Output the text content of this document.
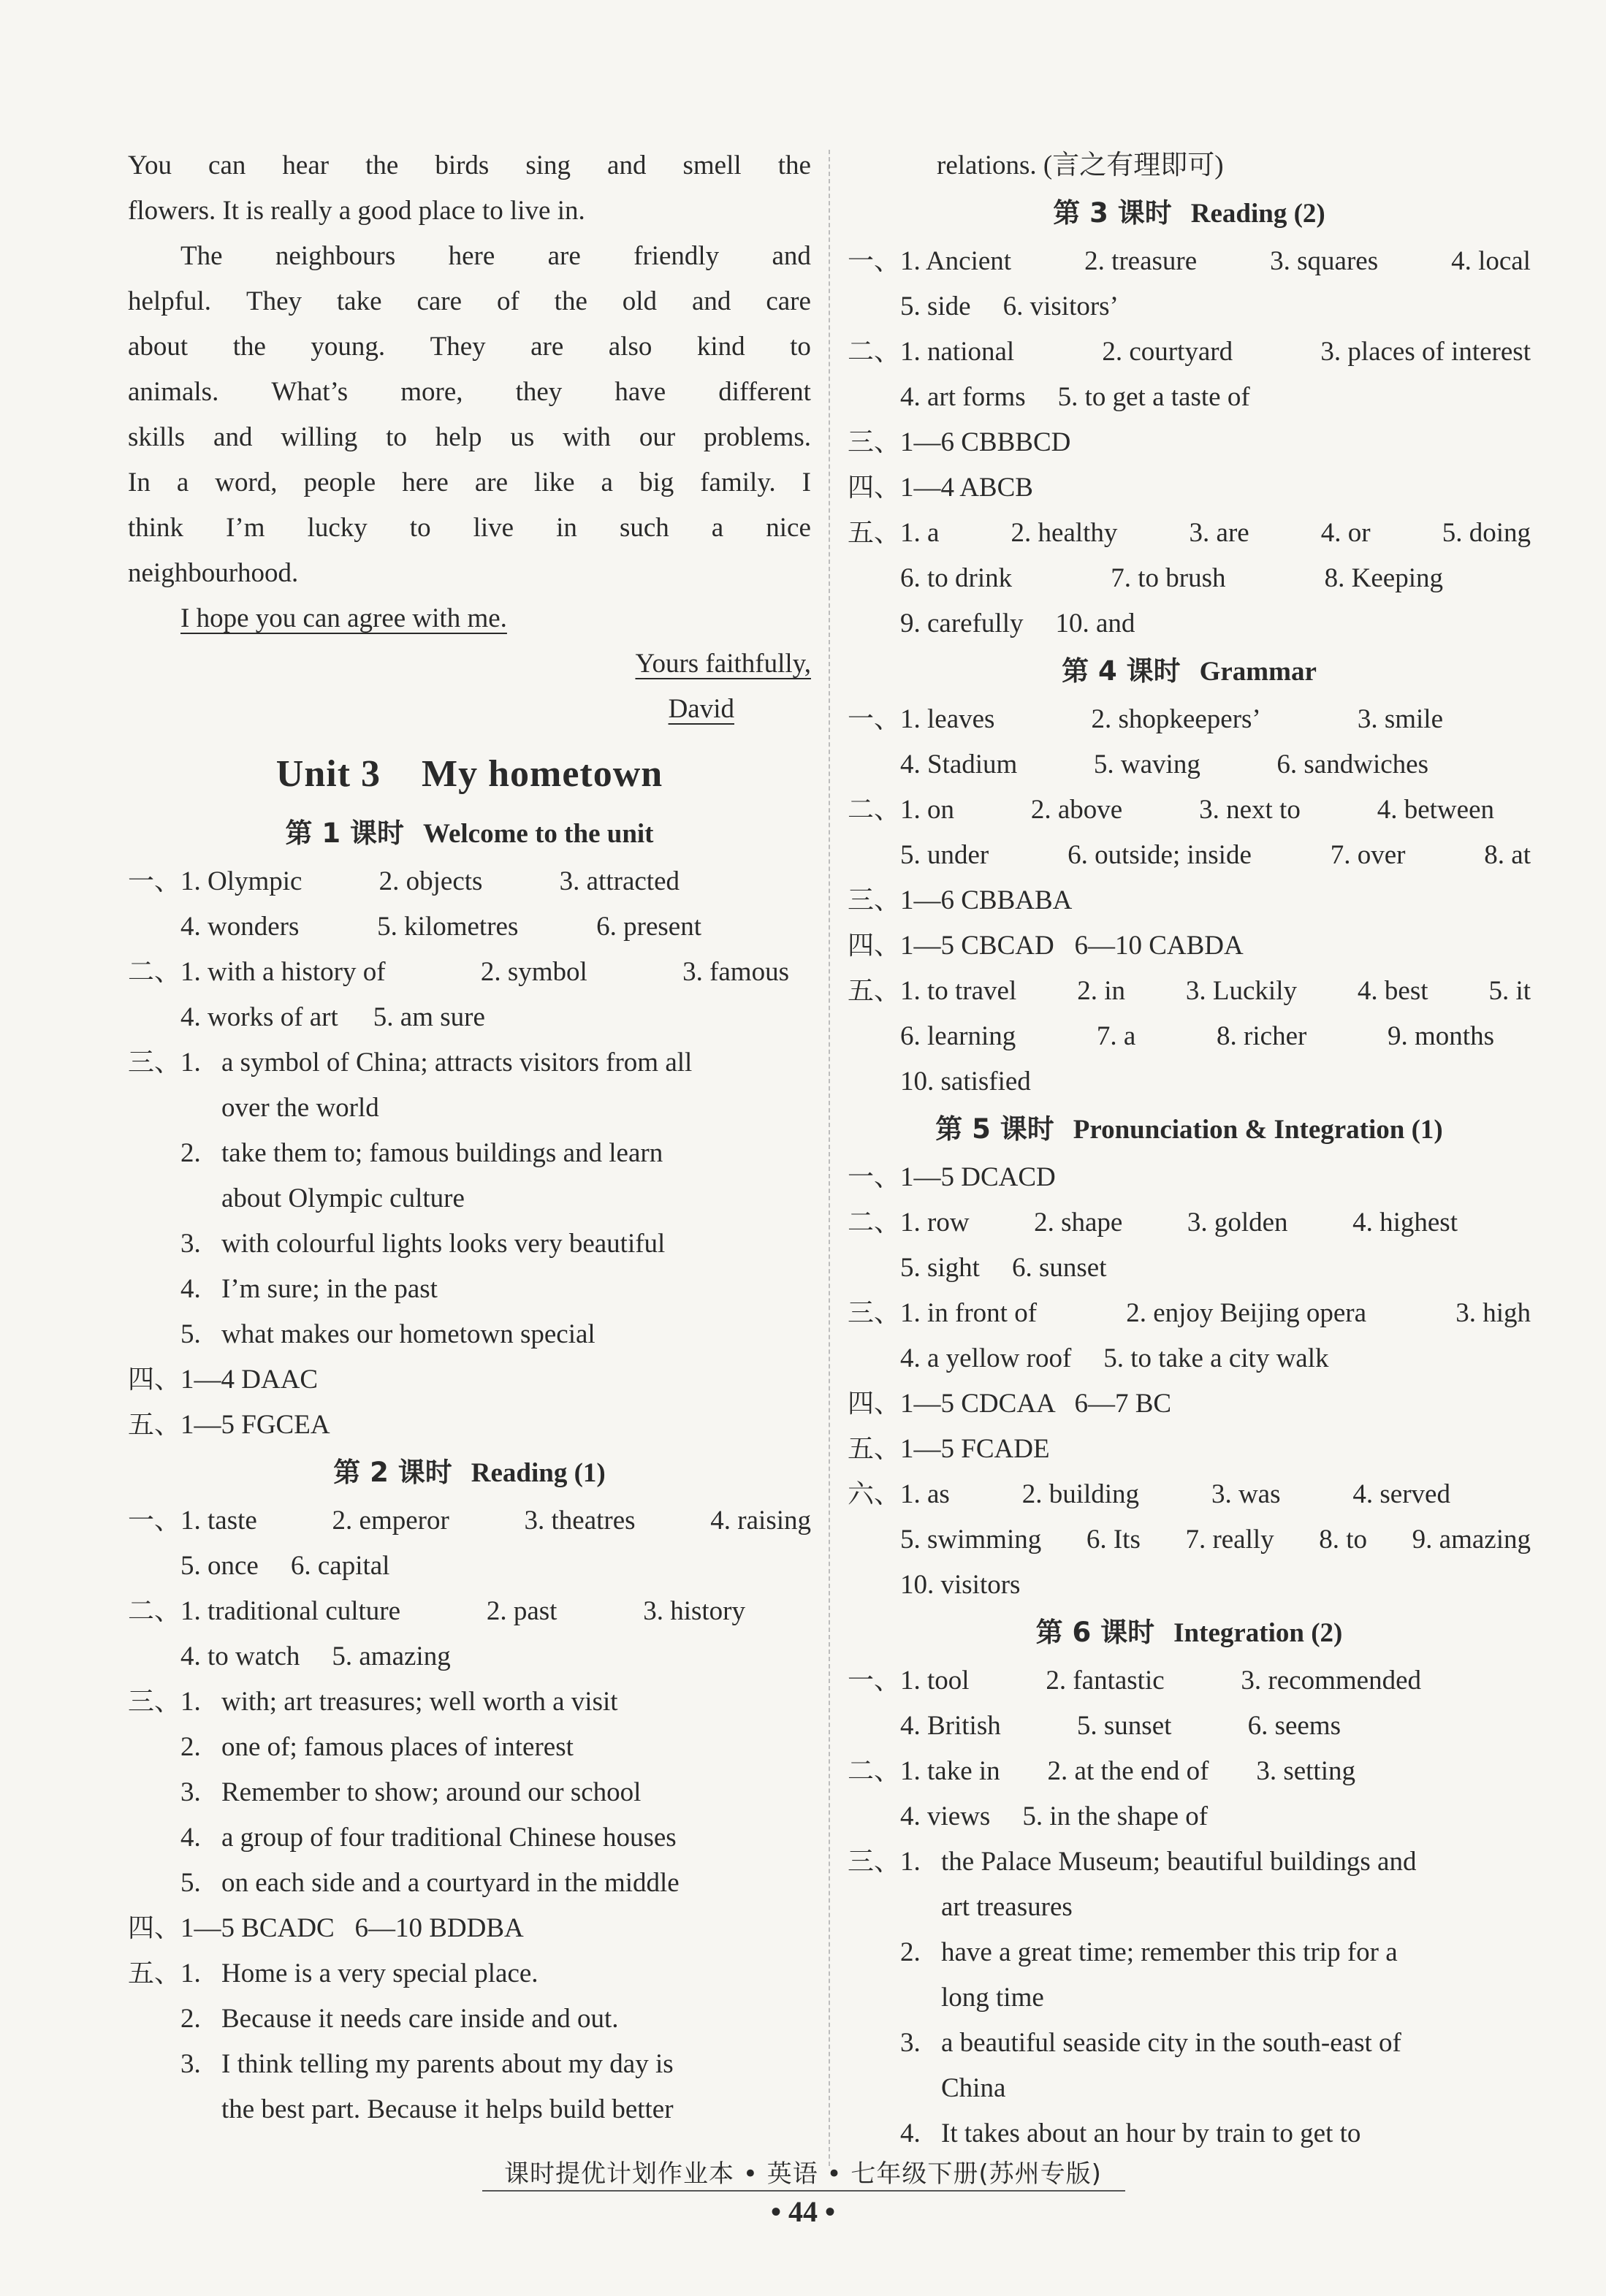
You can hear the birds sing and smell the
flowers. It is really a good place to live in.
The neighbours here are friendly and
helpful. They take care of the old and care
about the young. They are also kind to
animals. What’s more, they have different
skills and willing to help us with our problems.
In a word, people here are like a big family. I
think I’m lucky to live in such a nice
neighbourhood.
I hope you can agree with me.
Yours faithfully,
David
Unit 3 My hometown
第 1 课时 Welcome to the unit
一、 1. Olympic	2. objects	3. attracted
4. wonders	5. kilometres	6. present
二、 1. with a history of	2. symbol	3. famous
4. works of art 5. am sure
三、 1. a symbol of China; attracts visitors from all
over the world
2. take them to; famous buildings and learn
about Olympic culture
3. with colourful lights looks very beautiful
4. I’m sure; in the past
5. what makes our hometown special
四、 1—4 DAAC
五、 1—5 FGCEA
第 2 课时 Reading (1)
一、 1. taste	2. emperor	3. theatres	4. raising
5. once 6. capital
二、 1. traditional culture	2. past	3. history
4. to watch 5. amazing
三、 1. with; art treasures; well worth a visit
2. one of; famous places of interest
3. Remember to show; around our school
4. a group of four traditional Chinese houses
5. on each side and a courtyard in the middle
四、 1—5 BCADC   6—10 BDDBA
五、 1. Home is a very special place.
2. Because it needs care inside and out.
3. I think telling my parents about my day is
the best part. Because it helps build better
relations. (言之有理即可)
第 3 课时 Reading (2)
一、 1. Ancient	2. treasure	3. squares	4. local
5. side 6. visitors’
二、 1. national	2. courtyard	3. places of interest
4. art forms 5. to get a taste of
三、 1—6 CBBBCD
四、 1—4 ABCB
五、 1. a	2. healthy	3. are	4. or	5. doing
6. to drink	7. to brush	8. Keeping
9. carefully 10. and
第 4 课时 Grammar
一、 1. leaves	2. shopkeepers’	3. smile
4. Stadium	5. waving	6. sandwiches
二、 1. on	2. above	3. next to	4. between
5. under	6. outside; inside	7. over	8. at
三、 1—6 CBBABA
四、 1—5 CBCAD   6—10 CABDA
五、 1. to travel 2. in 3. Luckily 4. best 5. it
6. learning	7. a	8. richer	9. months
10. satisfied
第 5 课时 Pronunciation & Integration (1)
一、 1—5 DCACD
二、 1. row 2. shape 3. golden 4. highest
5. sight 6. sunset
三、 1. in front of	2. enjoy Beijing opera	3. high
4. a yellow roof 5. to take a city walk
四、 1—5 CDCAA   6—7 BC
五、 1—5 FCADE
六、 1. as	2. building	3. was	4. served
5. swimming 6. Its 7. really 8. to 9. amazing
10. visitors
第 6 课时 Integration (2)
一、 1. tool	2. fantastic	3. recommended
4. British	5. sunset	6. seems
二、 1. take in 2. at the end of 3. setting
4. views 5. in the shape of
三、 1. the Palace Museum; beautiful buildings and
art treasures
2. have a great time; remember this trip for a
long time
3. a beautiful seaside city in the south-east of
China
4. It takes about an hour by train to get to
课时提优计划作业本 • 英语 • 七年级下册(苏州专版)
• 44 •
